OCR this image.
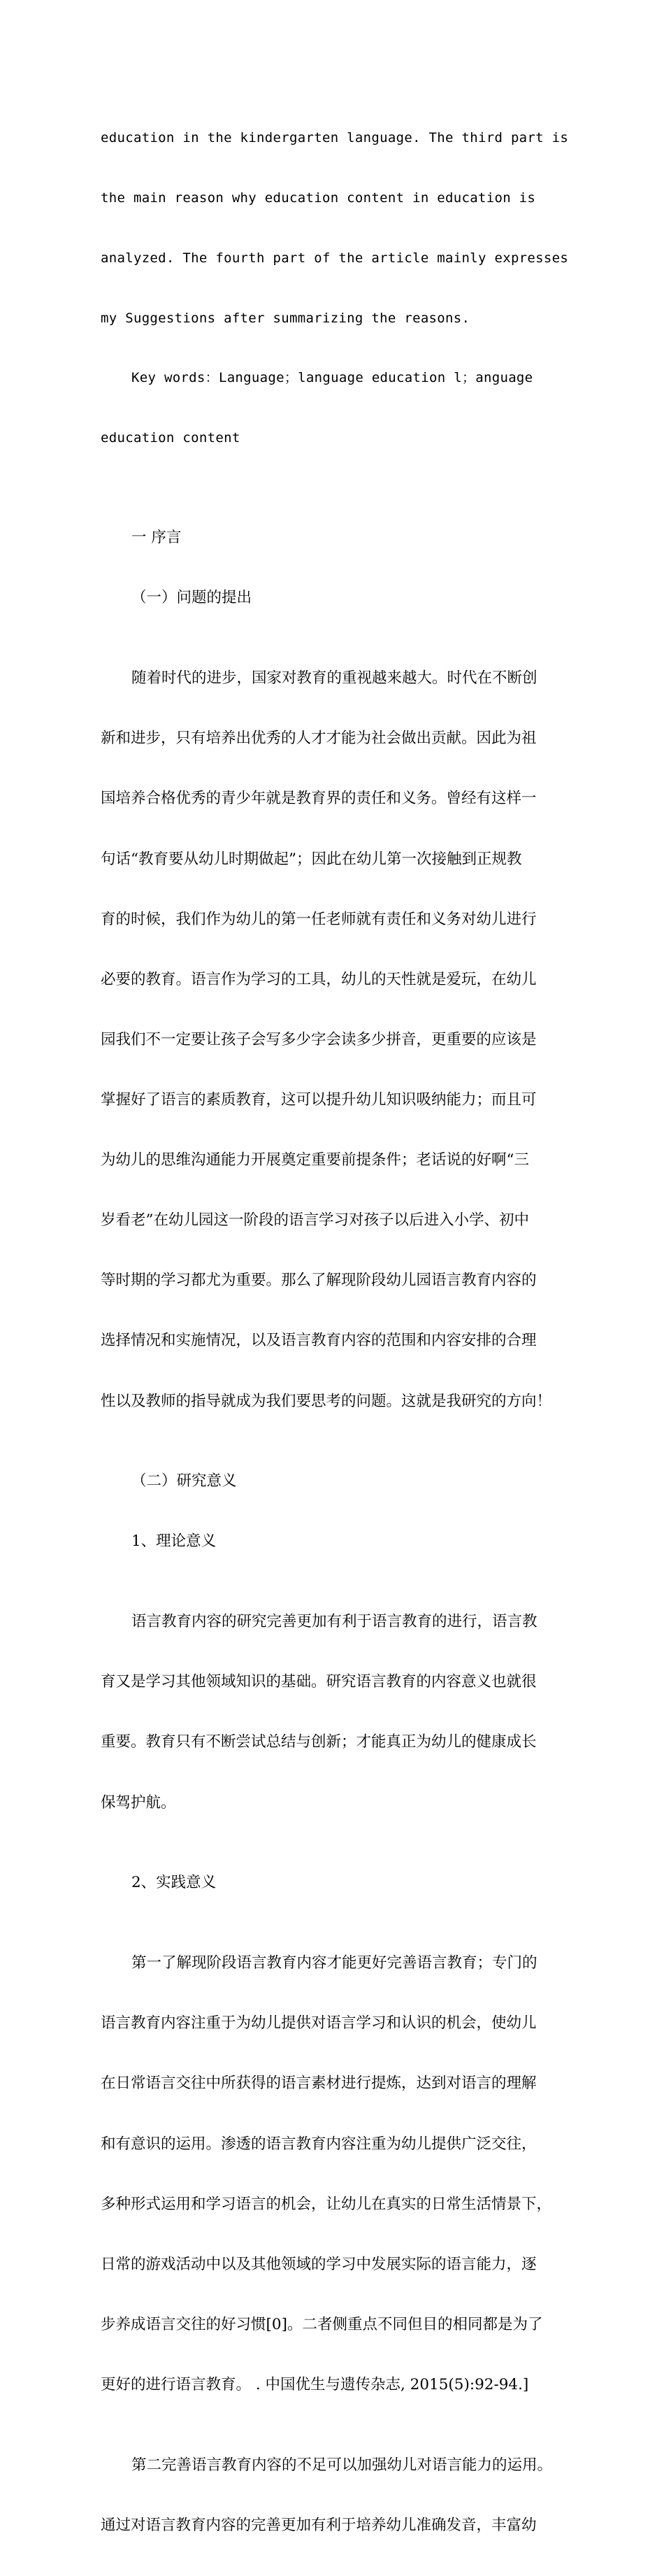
education in the kindergarten language. The third part is

the main reason why education content in education is

analyzed. The fourth part of the article mainly expresses

my Suggestions after summarizing the reasons.

Key words：Language；language education l；anguage

education content

一 序言

（一）问题的提出

随着时代的进步，国家对教育的重视越来越大。时代在不断创

新和进步，只有培养出优秀的人才才能为社会做出贡献。因此为祖

国培养合格优秀的青少年就是教育界的责任和义务。曾经有这样一

句话“教育要从幼儿时期做起”；因此在幼儿第一次接触到正规教

育的时候，我们作为幼儿的第一任老师就有责任和义务对幼儿进行

必要的教育。语言作为学习的工具，幼儿的天性就是爱玩，在幼儿

园我们不一定要让孩子会写多少字会读多少拼音，更重要的应该是

掌握好了语言的素质教育，这可以提升幼儿知识吸纳能力；而且可

为幼儿的思维沟通能力开展奠定重要前提条件；老话说的好啊“三

岁看老”在幼儿园这一阶段的语言学习对孩子以后进入小学、初中

等时期的学习都尤为重要。那么了解现阶段幼儿园语言教育内容的

选择情况和实施情况，以及语言教育内容的范围和内容安排的合理

性以及教师的指导就成为我们要思考的问题。这就是我研究的方向！

（二）研究意义

1、理论意义

语言教育内容的研究完善更加有利于语言教育的进行，语言教

育又是学习其他领域知识的基础。研究语言教育的内容意义也就很

重要。教育只有不断尝试总结与创新；才能真正为幼儿的健康成长

保驾护航。

2、实践意义

第一了解现阶段语言教育内容才能更好完善语言教育；专门的

语言教育内容注重于为幼儿提供对语言学习和认识的机会，使幼儿

在日常语言交往中所获得的语言素材进行提炼，达到对语言的理解

和有意识的运用。渗透的语言教育内容注重为幼儿提供广泛交往，

多种形式运用和学习语言的机会，让幼儿在真实的日常生活情景下，

日常的游戏活动中以及其他领域的学习中发展实际的语言能力，逐

步养成语言交往的好习惯[0]。二者侧重点不同但目的相同都是为了

更好的进行语言教育。 . 中国优生与遗传杂志, 2015(5):92-94.]

第二完善语言教育内容的不足可以加强幼儿对语言能力的运用。

通过对语言教育内容的完善更加有利于培养幼儿准确发音，丰富幼
